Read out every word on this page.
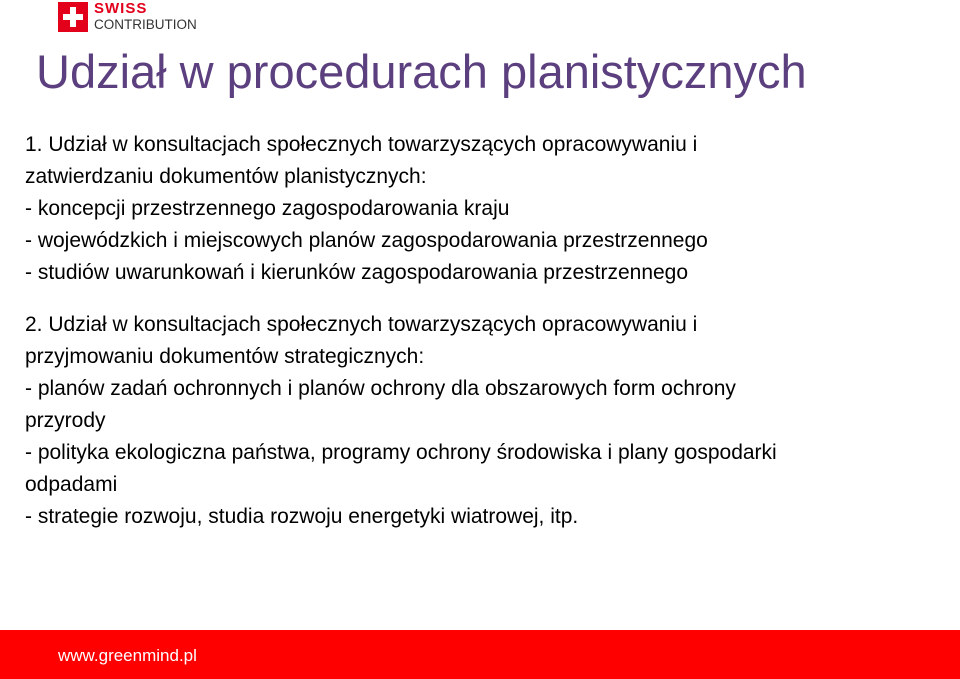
SWISS
CONTRIBUTION
Udział w procedurach planistycznych

1. Udział w konsultacjach społecznych towarzyszących opracowywaniu i

zatwierdzaniu dokumentów planistycznych:

- koncepcji przestrzennego zagospodarowania kraju

- wojewódzkich i miejscowych planów zagospodarowania przestrzennego

- studiów uwarunkowań i kierunków zagospodarowania przestrzennego

2. Udział w konsultacjach społecznych towarzyszących opracowywaniu i

przyjmowaniu dokumentów strategicznych:

- planów zadań ochronnych i planów ochrony dla obszarowych form ochrony

przyrody

- polityka ekologiczna państwa, programy ochrony środowiska i plany gospodarki

odpadami

- strategie rozwoju, studia rozwoju energetyki wiatrowej, itp.

www.greenmind.pl
